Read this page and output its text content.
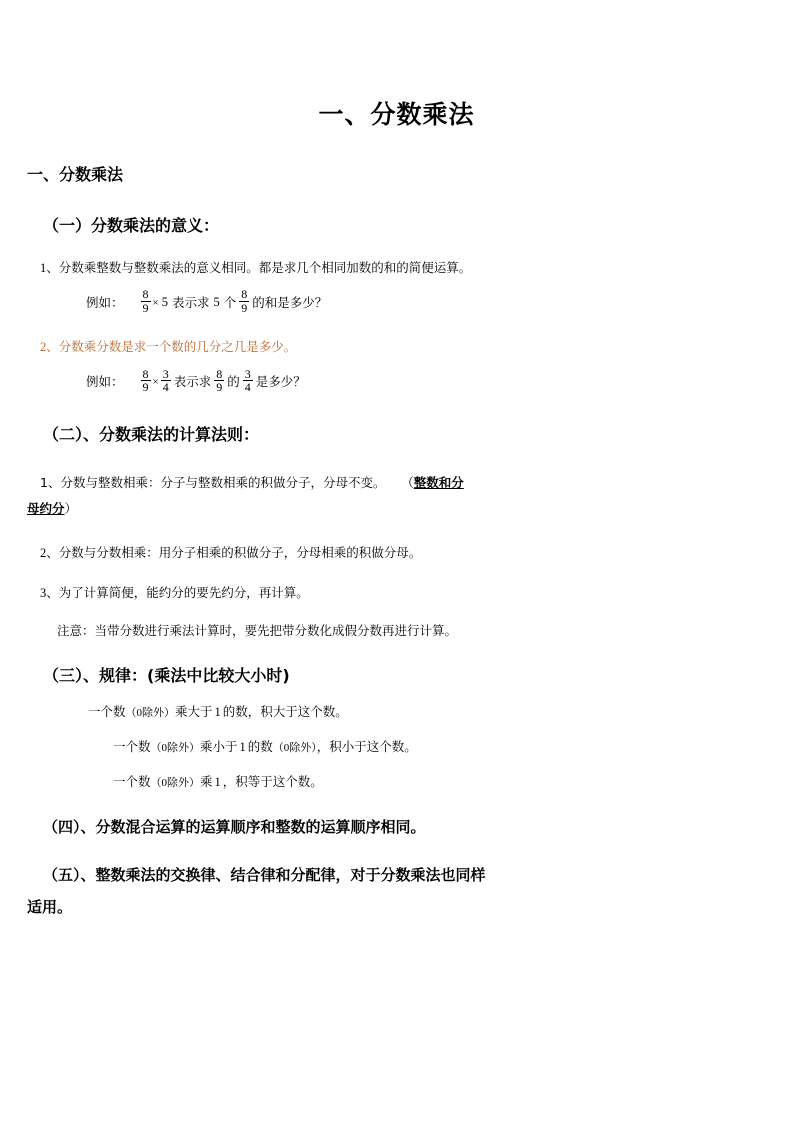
一、分数乘法
一、分数乘法
（一）分数乘法的意义：

1、分数乘整数与整数乘法的意义相同。都是求几个相同加数的和的简便运算。

例如： $\frac{8}{9} \times 5$ 表示求 5 个 $\frac{8}{9}$ 的和是多少？

2、分数乘分数是求一个数的几分之几是多少。

例如： $\frac{8}{9} \times \frac{3}{4}$ 表示求 $\frac{8}{9}$ 的 $\frac{3}{4}$ 是多少？
（二）、分数乘法的计算法则：

1、分数与整数相乘：分子与整数相乘的积做分子，分母不变。 （整数和分
母约分）

2、分数与分数相乘：用分子相乘的积做分子，分母相乘的积做分母。

3、为了计算简便，能约分的要先约分，再计算。

注意：当带分数进行乘法计算时，要先把带分数化成假分数再进行计算。

（三）、规律：(乘法中比较大小时)

一个数（0除外）乘大于 1 的数，积大于这个数。

一个数（0除外）乘小于 1 的数（0除外），积小于这个数。

一个数（0除外）乘 1 ，积等于这个数。

（四）、分数混合运算的运算顺序和整数的运算顺序相同。

（五）、整数乘法的交换律、结合律和分配律，对于分数乘法也同样
适用。
